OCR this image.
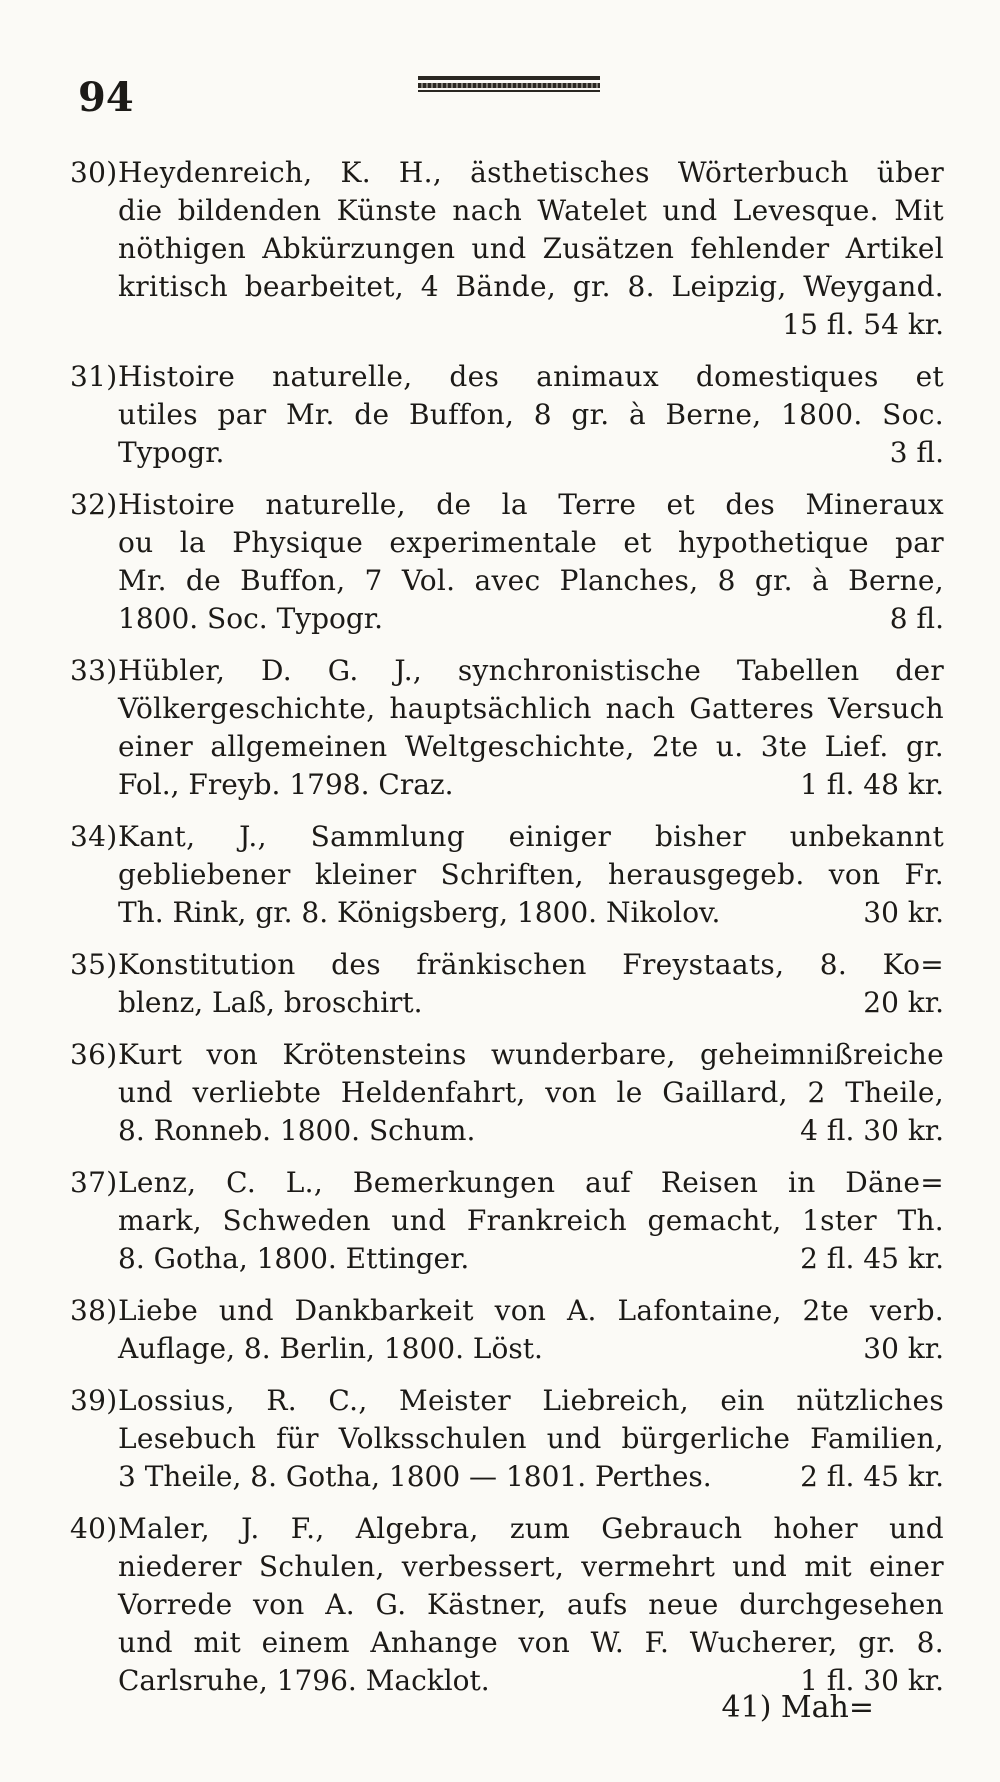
94
30) Heydenreich, K. H., ästhetisches Wörterbuch über
die bildenden Künste nach Watelet und Levesque. Mit
nöthigen Abkürzungen und Zusätzen fehlender Artikel
kritisch bearbeitet, 4 Bände, gr. 8. Leipzig, Weygand.
15 fl. 54 kr.
31) Histoire naturelle, des animaux domestiques et
utiles par Mr. de Buffon, 8 gr. à Berne, 1800. Soc.
Typogr.	3 fl.
32) Histoire naturelle, de la Terre et des Mineraux
ou la Physique experimentale et hypothetique par
Mr. de Buffon, 7 Vol. avec Planches, 8 gr. à Berne,
1800. Soc. Typogr.	8 fl.
33) Hübler, D. G. J., synchronistische Tabellen der
Völkergeschichte, hauptsächlich nach Gatteres Versuch
einer allgemeinen Weltgeschichte, 2te u. 3te Lief. gr.
Fol., Freyb. 1798. Craz.	1 fl. 48 kr.
34) Kant, J., Sammlung einiger bisher unbekannt
gebliebener kleiner Schriften, herausgegeb. von Fr.
Th. Rink, gr. 8. Königsberg, 1800. Nikolov.	30 kr.
35) Konstitution des fränkischen Freystaats, 8. Ko=
blenz, Laß, broschirt.	20 kr.
36) Kurt von Krötensteins wunderbare, geheimnißreiche
und verliebte Heldenfahrt, von le Gaillard, 2 Theile,
8. Ronneb. 1800. Schum.	4 fl. 30 kr.
37) Lenz, C. L., Bemerkungen auf Reisen in Däne=
mark, Schweden und Frankreich gemacht, 1ster Th.
8. Gotha, 1800. Ettinger.	2 fl. 45 kr.
38) Liebe und Dankbarkeit von A. Lafontaine, 2te verb.
Auflage, 8. Berlin, 1800. Löst.	30 kr.
39) Lossius, R. C., Meister Liebreich, ein nützliches
Lesebuch für Volksschulen und bürgerliche Familien,
3 Theile, 8. Gotha, 1800 — 1801. Perthes.	2 fl. 45 kr.
40) Maler, J. F., Algebra, zum Gebrauch hoher und
niederer Schulen, verbessert, vermehrt und mit einer
Vorrede von A. G. Kästner, aufs neue durchgesehen
und mit einem Anhange von W. F. Wucherer, gr. 8.
Carlsruhe, 1796. Macklot.	1 fl. 30 kr.
41) Mah=
